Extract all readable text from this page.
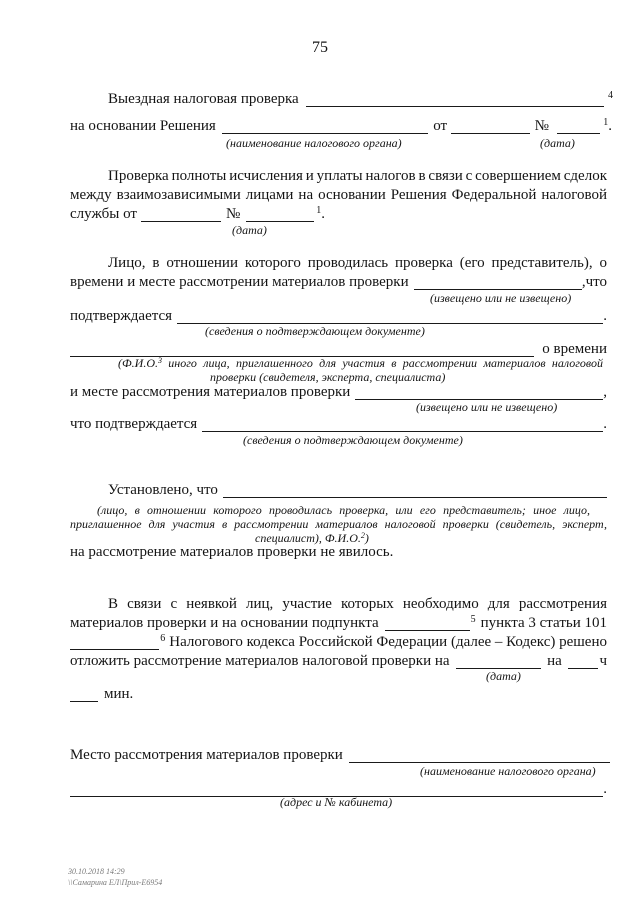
75
Выездная налоговая проверка	4
на основании Решения	от	№	1 .
(наименование налогового органа)	(дата)
Проверка полноты исчисления и уплаты налогов в связи с совершением сделок
между взаимозависимыми лицами на основании Решения Федеральной налоговой
службы от	№	1 .
(дата)
Лицо, в отношении которого проводилась проверка (его представитель), о
времени и месте рассмотрении материалов проверки	,что
(извещено или не извещено)
подтверждается	.
(сведения о подтверждающем документе)
о времени
(Ф.И.О.$^3$ иного лица, приглашенного для участия в рассмотрении материалов налоговой
проверки (свидетеля, эксперта, специалиста)
и месте рассмотрения материалов проверки	,
(извещено или не извещено)
что подтверждается	.
(сведения о подтверждающем документе)
Установлено, что
(лицо, в отношении которого проводилась проверка, или его представитель; иное лицо,
приглашенное для участия в рассмотрении материалов налоговой проверки (свидетель, эксперт,
специалист), Ф.И.О.$^2$)
на рассмотрение материалов проверки не явилось.
В связи с неявкой лиц, участие которых необходимо для рассмотрения
материалов проверки и на основании подпункта	5 пункта 3 статьи 101
6 Налогового кодекса Российской Федерации (далее – Кодекс) решено
отложить рассмотрение материалов налоговой проверки на	на	ч
(дата)
мин.
Место рассмотрения материалов проверки
(наименование налогового органа)
.
(адрес и № кабинета)
30.10.2018 14:29
\\Самарина ЕЛ\Прил-Е6954
